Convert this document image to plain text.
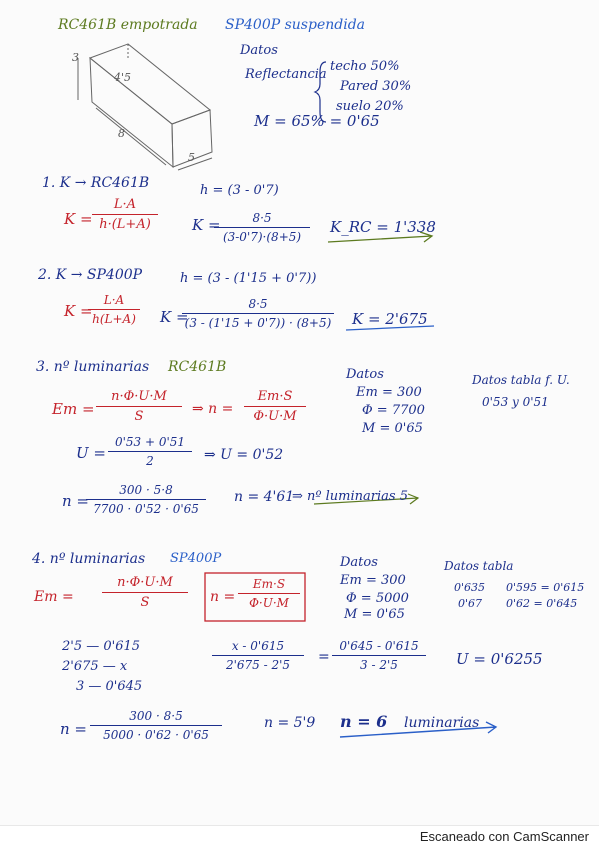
RC461B empotrada SP400P suspendida
3
4'5
8
5
Datos
Reflectancia
techo 50%
Pared 30%
suelo 20%
M = 65% = 0'65
1. K → RC461B	h = (3 - 0'7)
K =
L·A
h·(L+A)	K =	8·5
(3-0'7)·(8+5)
K_RC = 1'338
2. K → SP400P	h = (3 - (1'15 + 0'7))
K =
L·A
h(L+A) K =
8·5
(3 - (1'15 + 0'7)) · (8+5) K = 2'675
3. nº luminarias RC461B
Em =
n·Φ·U·M
S	⇒ n =
Em·S
Φ·U·M
Datos
Em = 300
Φ = 7700
M = 0'65
Datos tabla f. U.
0'53 y 0'51
U =
0'53 + 0'51
2	⇒ U = 0'52
n =
300 · 5·8
7700 · 0'52 · 0'65
n = 4'61
⇒ nº luminarias 5
4. nº luminarias SP400P
Em =
n·Φ·U·M
S	n =
Em·S
Φ·U·M
Datos
Em = 300
Φ = 5000
M = 0'65
Datos tabla
0'635 0'595 = 0'615
0'67 0'62 = 0'645
2'5 — 0'615
2'675 — x
3 — 0'645
x - 0'615
2'675 - 2'5	=
0'645 - 0'615
3 - 2'5	U = 0'6255
n =
300 · 8·5
5000 · 0'62 · 0'65
n = 5'9 n = 6 luminarias
Escaneado con CamScanner
